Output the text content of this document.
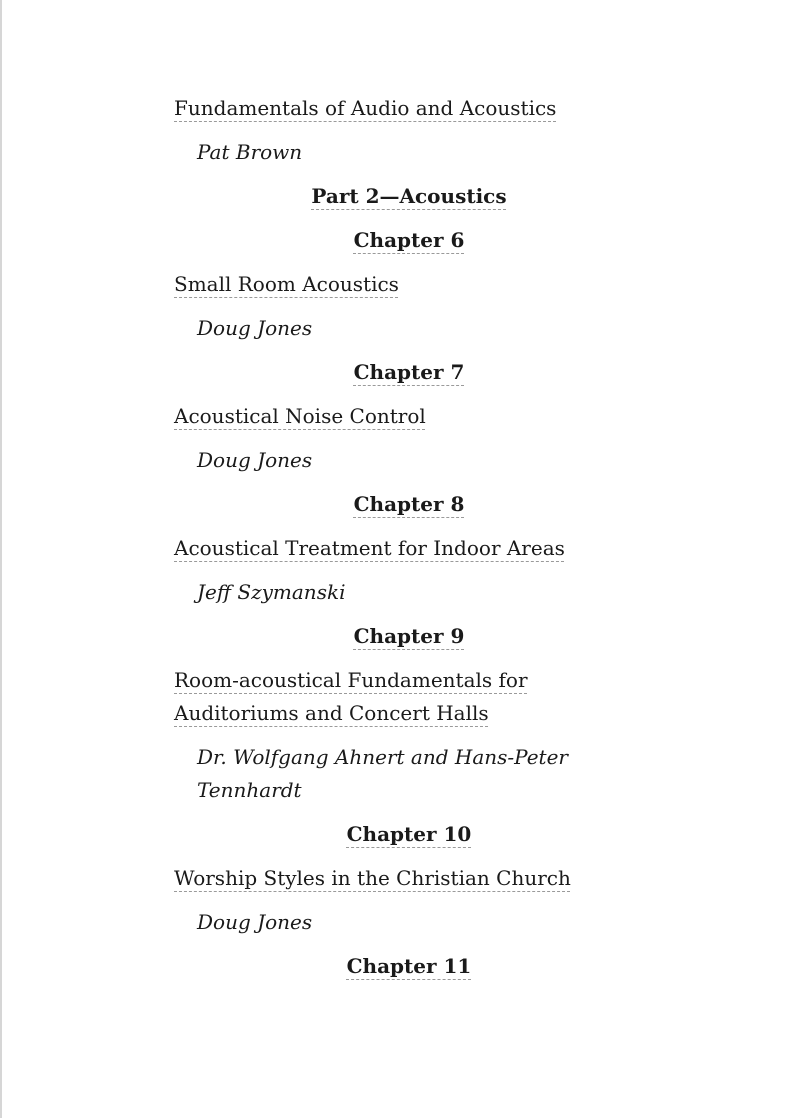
Fundamentals of Audio and Acoustics
Pat Brown
Part 2—Acoustics
Chapter 6
Small Room Acoustics
Doug Jones
Chapter 7
Acoustical Noise Control
Doug Jones
Chapter 8
Acoustical Treatment for Indoor Areas
Jeff Szymanski
Chapter 9
Room-acoustical Fundamentals for Auditoriums and Concert Halls
Dr. Wolfgang Ahnert and Hans-Peter Tennhardt
Chapter 10
Worship Styles in the Christian Church
Doug Jones
Chapter 11
